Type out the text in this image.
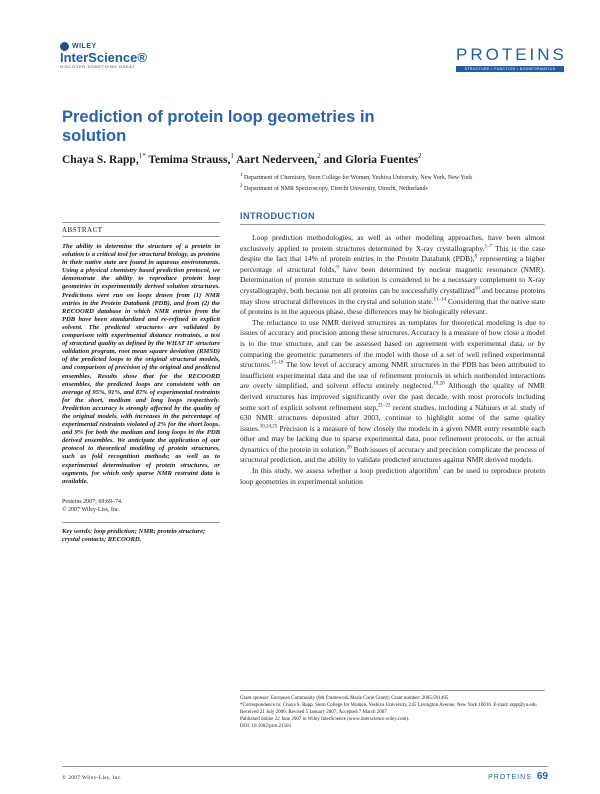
WILEY
InterScience®
DISCOVER SOMETHING GREAT
PROTEINS
STRUCTURE • FUNCTION • BIOINFORMATICS
Prediction of protein loop geometries in solution
Chaya S. Rapp,$^{1*}$ Temima Strauss,$^1$ Aart Nederveen,$^2$ and Gloria Fuentes$^2$
$^1$ Department of Chemistry, Stern College for Women, Yeshiva University, New York, New York
$^2$ Department of NMR Spectroscopy, Utrecht University, Utrecht, Netherlands
ABSTRACT

The ability to determine the structure of a protein in solution is a critical tool for structural biology, as proteins in their native state are found in aqueous environments. Using a physical chemistry based prediction protocol, we demonstrate the ability to reproduce protein loop geometries in experimentally derived solution structures. Predictions were run on loops drawn from (1) NMR entries in the Protein Databank (PDB), and from (2) the RECOORD database in which NMR entries from the PDB have been standardized and re-refined in explicit solvent. The predicted structures are validated by comparison with experimental distance restraints, a test of structural quality as defined by the WHAT IF structure validation program, root mean square deviation (RMSD) of the predicted loops to the original structural models, and comparison of precision of the original and predicted ensembles. Results show that for the RECOORD ensembles, the predicted loops are consistent with an average of 95%, 91%, and 87% of experimental restraints for the short, medium and long loops respectively. Prediction accuracy is strongly affected by the quality of the original models, with increases in the percentage of experimental restraints violated of 2% for the short loops, and 9% for both the medium and long loops in the PDB derived ensembles. We anticipate the application of our protocol to theoretical modeling of protein structures, such as fold recognition methods; as well as to experimental determination of protein structures, or segments, for which only sparse NMR restraint data is available.

Proteins 2007; 69:69–74.
© 2007 Wiley-Liss, Inc.
Key words: loop prediction; NMR; protein structure; crystal contacts; RECOORD.
INTRODUCTION

Loop prediction methodologies, as well as other modeling approaches, have been almost exclusively applied to protein structures determined by X-ray crystallography.$^{1-7}$ This is the case despite the fact that 14% of protein entries in the Protein Databank (PDB),$^8$ representing a higher percentage of structural folds,$^9$ have been determined by nuclear magnetic resonance (NMR). Determination of protein structure in solution is considered to be a necessary complement to X-ray crystallography, both because not all proteins can be successfully crystallized$^{10}$ and because proteins may show structural differences in the crystal and solution state.$^{11-14}$ Considering that the native state of proteins is in the aqueous phase, these differences may be biologically relevant.

The reluctance to use NMR derived structures as templates for theoretical modeling is due to issues of accuracy and precision among these structures. Accuracy is a measure of how close a model is to the true structure, and can be assessed based on agreement with experimental data, or by comparing the geometric parameters of the model with those of a set of well refined experimental structures.$^{15-18}$ The low level of accuracy among NMR structures in the PDB has been attributed to insufficient experimental data and the use of refinement protocols in which nonbonded interactions are overly simplified, and solvent effects entirely neglected.$^{19,20}$ Although the quality of NMR derived structures has improved significantly over the past decade, with most protocols including some sort of explicit solvent refinement step,$^{21-23}$ recent studies, including a Nabuurs et al. study of 630 NMR structures deposited after 2003, continue to highlight some of the same quality issues.$^{10,24,25}$ Precision is a measure of how closely the models in a given NMR entry resemble each other and may be lacking due to sparse experimental data, poor refinement protocols, or the actual dynamics of the protein in solution.$^{26}$ Both issues of accuracy and precision complicate the process of structural prediction, and the ability to validate predicted structures against NMR derived models.

In this study, we assess whether a loop prediction algorithm$^1$ can be used to reproduce protein loop geometries in experimental solution

Grant sponsor: European Community (6th Framework Marie Curie Grant); Grant number: 2005-501495

*Correspondence to: Chaya S. Rapp, Stern College for Women, Yeshiva University, 245 Lexington Avenue, New York 10016. E-mail: rapp@yu.edu

Received 21 July 2006; Revised 5 January 2007; Accepted 7 March 2007

Published online 22 June 2007 in Wiley InterScience (www.interscience.wiley.com).

DOI: 10.1002/prot.21503

© 2007 Wiley-Liss, Inc.	PROTEINS 69
